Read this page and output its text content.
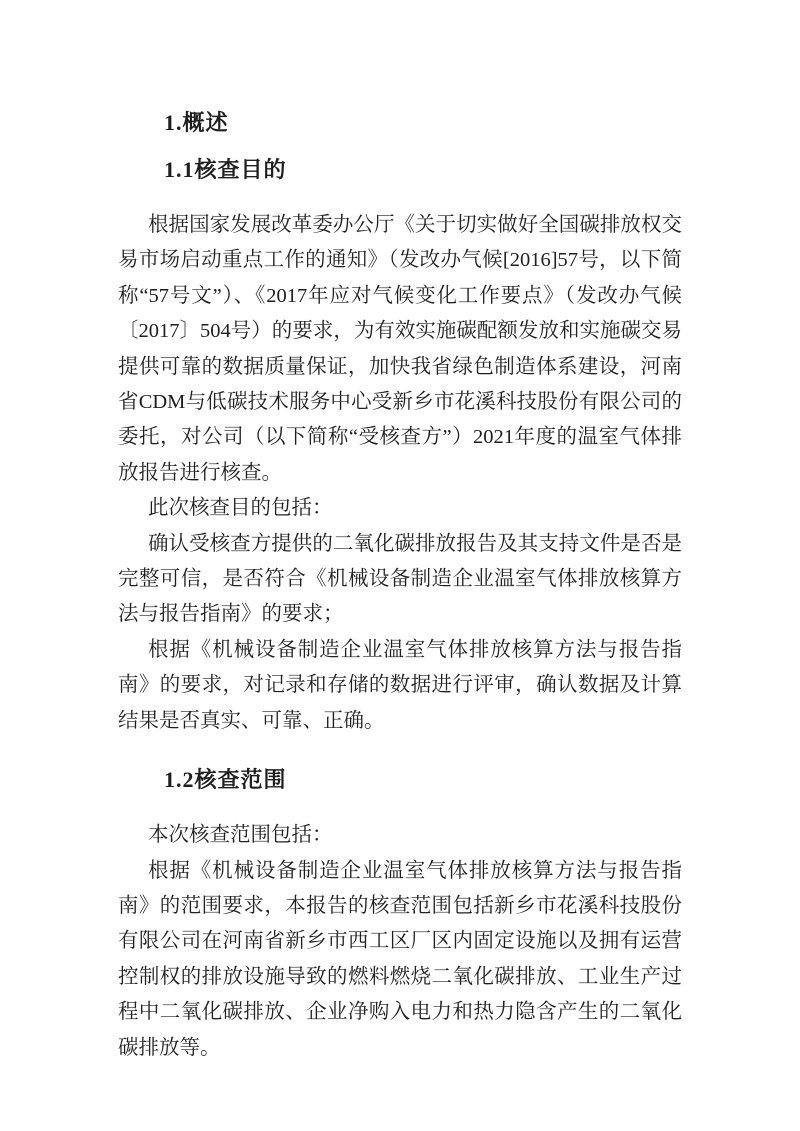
1.概述
1.1核查目的

根据国家发展改革委办公厅《关于切实做好全国碳排放权交易市场启动重点工作的通知》（发改办气候[2016]57号，以下简称“57号文”）、《2017年应对气候变化工作要点》（发改办气候〔2017〕504号）的要求，为有效实施碳配额发放和实施碳交易提供可靠的数据质量保证，加快我省绿色制造体系建设，河南省CDM与低碳技术服务中心受新乡市花溪科技股份有限公司的委托，对公司（以下简称“受核查方”）2021年度的温室气体排放报告进行核查。

此次核查目的包括：

确认受核查方提供的二氧化碳排放报告及其支持文件是否是完整可信，是否符合《机械设备制造企业温室气体排放核算方法与报告指南》的要求；

根据《机械设备制造企业温室气体排放核算方法与报告指南》的要求，对记录和存储的数据进行评审，确认数据及计算结果是否真实、可靠、正确。

1.2核查范围

本次核查范围包括：

根据《机械设备制造企业温室气体排放核算方法与报告指南》的范围要求，本报告的核查范围包括新乡市花溪科技股份有限公司在河南省新乡市西工区厂区内固定设施以及拥有运营控制权的排放设施导致的燃料燃烧二氧化碳排放、工业生产过程中二氧化碳排放、企业净购入电力和热力隐含产生的二氧化碳排放等。
